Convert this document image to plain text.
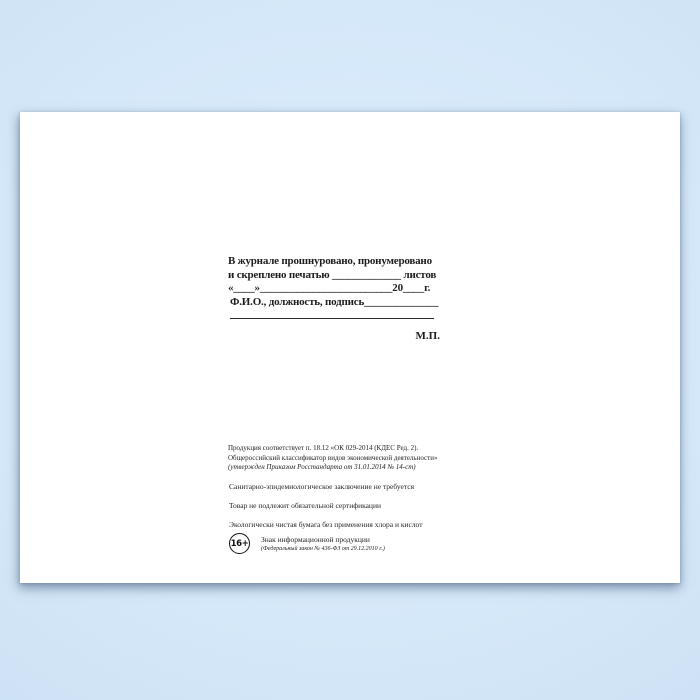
В журнале прошнуровано, пронумеровано
и скреплено печатью _____________ листов
«____»_________________________20____г.
Ф.И.О., должность, подпись______________
М.П.
Продукция соответствует п. 18.12 «ОК 029-2014 (КДЕС Ред. 2).
Общероссийский классификатор видов экономической деятельности»
(утвержден Приказом Росстандарта от 31.01.2014 № 14-ст)
Санитарно-эпидемиологическое заключение не требуется
Товар не подлежит обязательной сертификации
Экологически чистая бумага без применения хлора и кислот
16+ Знак информационной продукции
(Федеральный закон № 436-ФЗ от 29.12.2010 г.)
